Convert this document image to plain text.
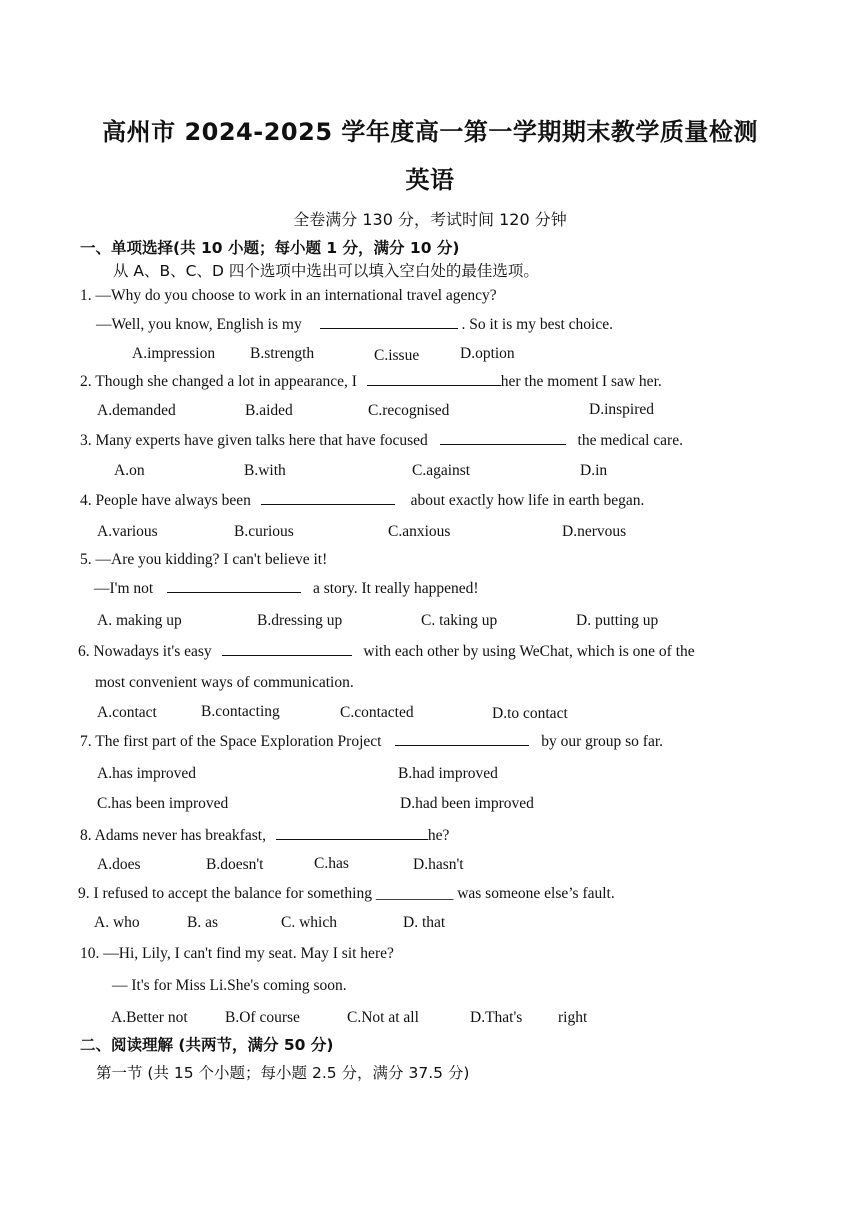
高州市 2024-2025 学年度高一第一学期期末教学质量检测
英语
全卷满分 130 分，考试时间 120 分钟
一、单项选择(共 10 小题；每小题 1 分，满分 10 分)
从 A、B、C、D 四个选项中选出可以填入空白处的最佳选项。
1. —Why do you choose to work in an international travel agency?
—Well, you know, English is my	. So it is my best choice.
A.impression B.strength	C.issue	D.option
2. Though she changed a lot in appearance, I	her the moment I saw her.
A.demanded	B.aided	C.recognised	D.inspired
3. Many experts have given talks here that have focused	the medical care.
A.on	B.with	C.against	D.in
4. People have always been	about exactly how life in earth began.
A.various	B.curious	C.anxious	D.nervous
5. —Are you kidding? I can't believe it!
—I'm not	a story. It really happened!
A. making up	B.dressing up	C. taking up	D. putting up
6. Nowadays it's easy	with each other by using WeChat, which is one of the
most convenient ways of communication.
A.contact	B.contacting	C.contacted	D.to contact
7. The first part of the Space Exploration Project	by our group so far.
A.has improved	B.had improved
C.has been improved	D.had been improved
8. Adams never has breakfast,	he?
A.does	B.doesn't	C.has	D.hasn't
9. I refused to accept the balance for something __________ was someone else’s fault.
A. who	B. as	C. which	D. that
10. —Hi, Lily, I can't find my seat. May I sit here?
— It's for Miss Li.She's coming soon.
A.Better not B.Of course	C.Not at all	D.That's right
二、阅读理解 (共两节，满分 50 分)
第一节 (共 15 个小题；每小题 2.5 分，满分 37.5 分)
